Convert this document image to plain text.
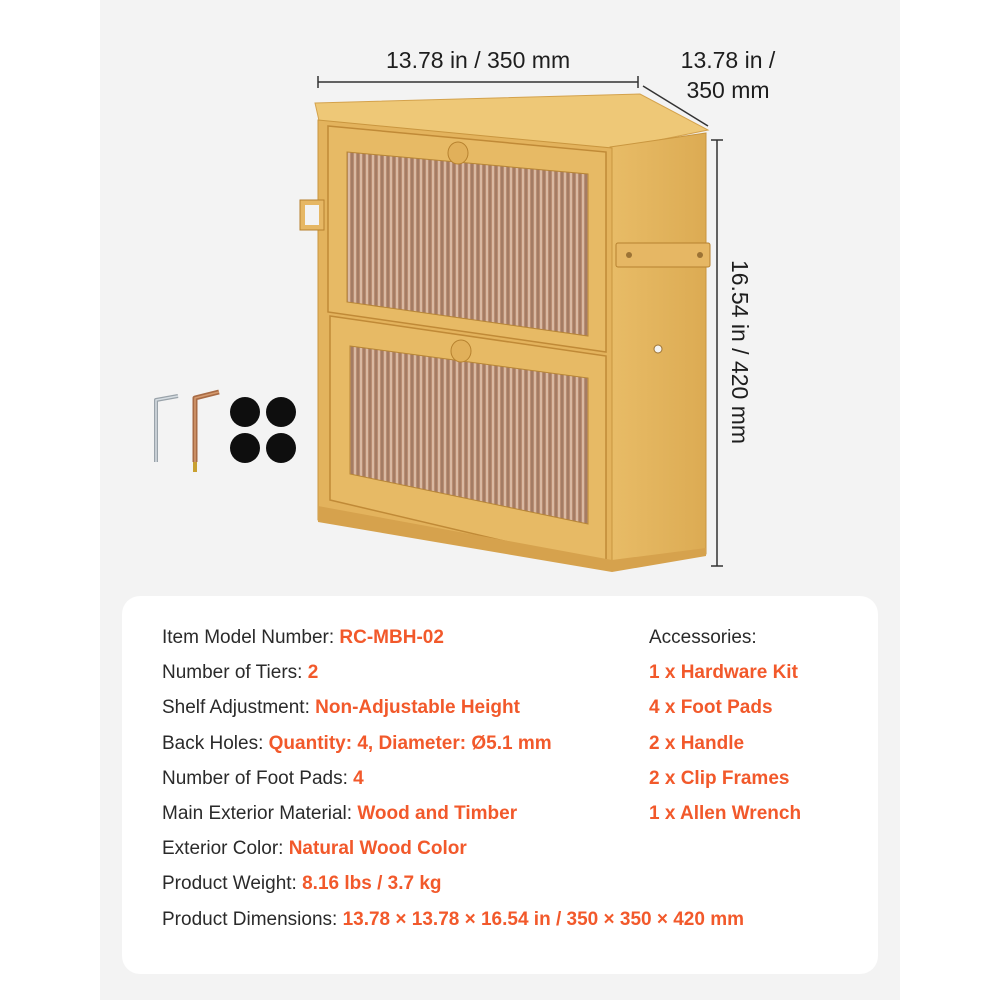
13.78 in / 350 mm	13.78 in /
350 mm
16.54 in / 420 mm
Item Model Number: RC-MBH-02
Number of Tiers: 2
Shelf Adjustment: Non-Adjustable Height
Back Holes: Quantity: 4, Diameter: Ø5.1 mm
Number of Foot Pads: 4
Main Exterior Material: Wood and Timber
Exterior Color: Natural Wood Color
Product Weight: 8.16 lbs / 3.7 kg
Product Dimensions: 13.78 × 13.78 × 16.54 in / 350 × 350 × 420 mm
Accessories:
1 x Hardware Kit
4 x Foot Pads
2 x Handle
2 x Clip Frames
1 x Allen Wrench
